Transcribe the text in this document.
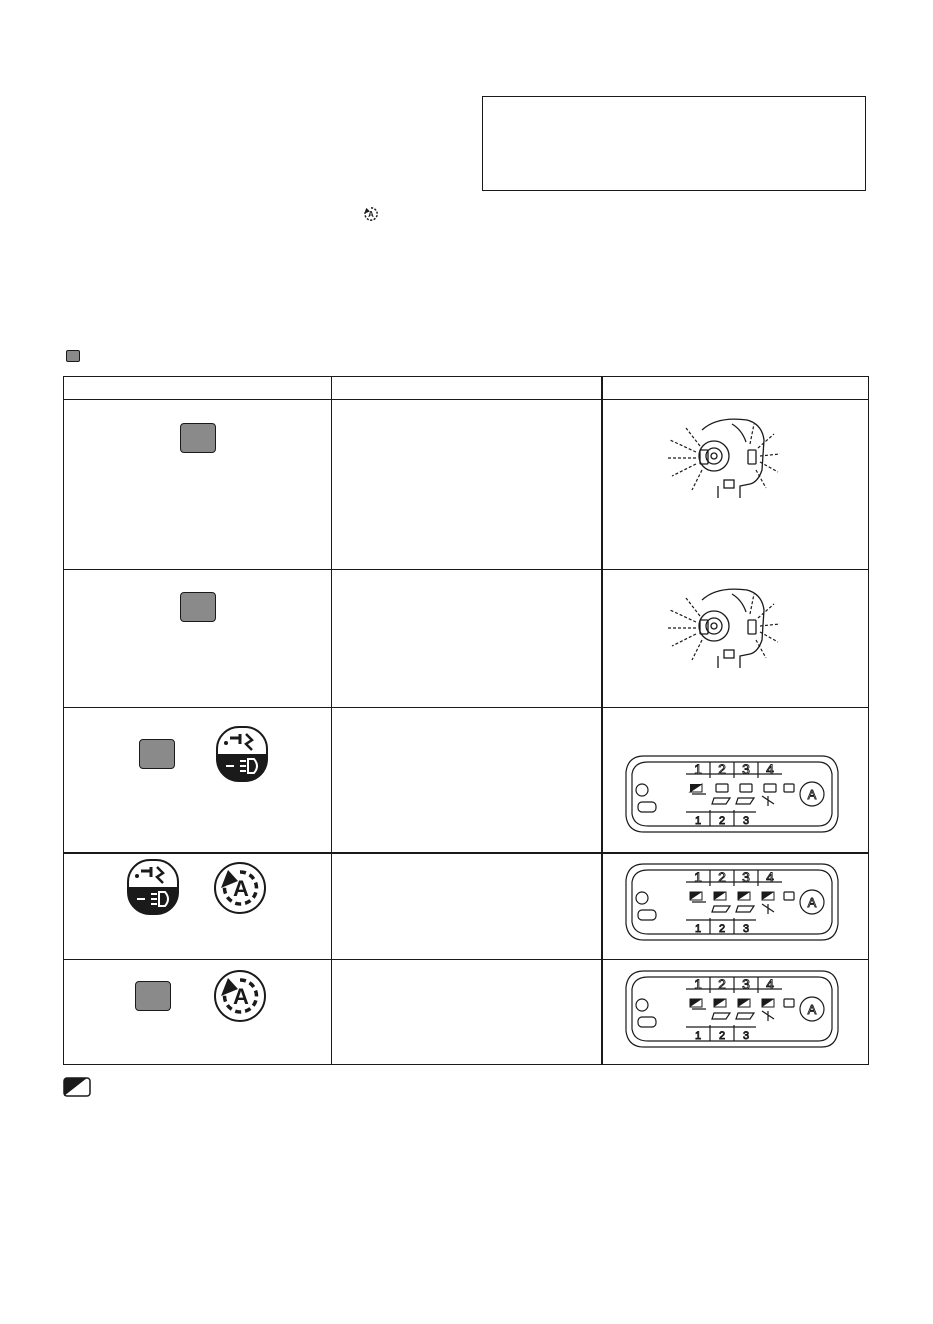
A
1 2 3 4
1 2 3
A
A	1 2 3 4
1 2 3
A
A	1 2 3 4
1 2 3
A
